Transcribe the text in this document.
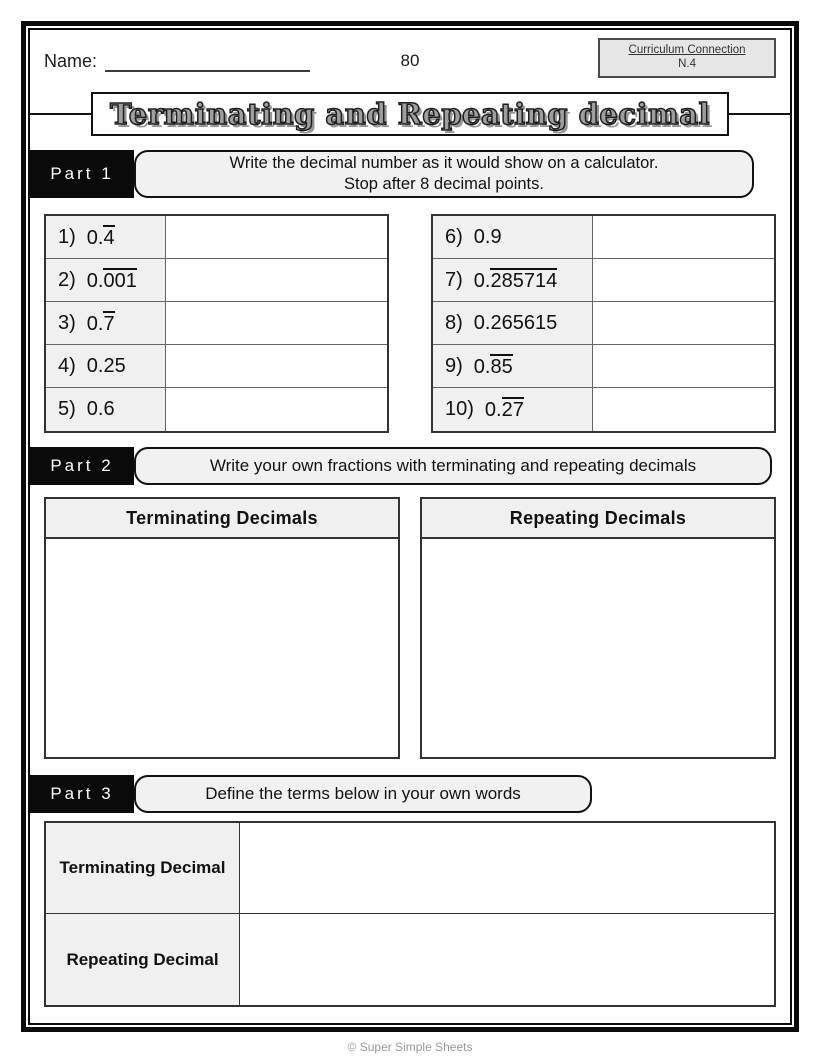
Name:	80
Curriculum Connection
N.4
Terminating and Repeating decimal
Part 1
Write the decimal number as it would show on a calculator.
Stop after 8 decimal points.
1) 0.4
2) 0.001
3) 0.7
4) 0.25
5) 0.6
6) 0.9
7) 0.285714
8) 0.265615
9) 0.85
10) 0.27
Part 2	Write your own fractions with terminating and repeating decimals
Terminating Decimals	Repeating Decimals
Part 3	Define the terms below in your own words
Terminating Decimal
Repeating Decimal
© Super Simple Sheets
